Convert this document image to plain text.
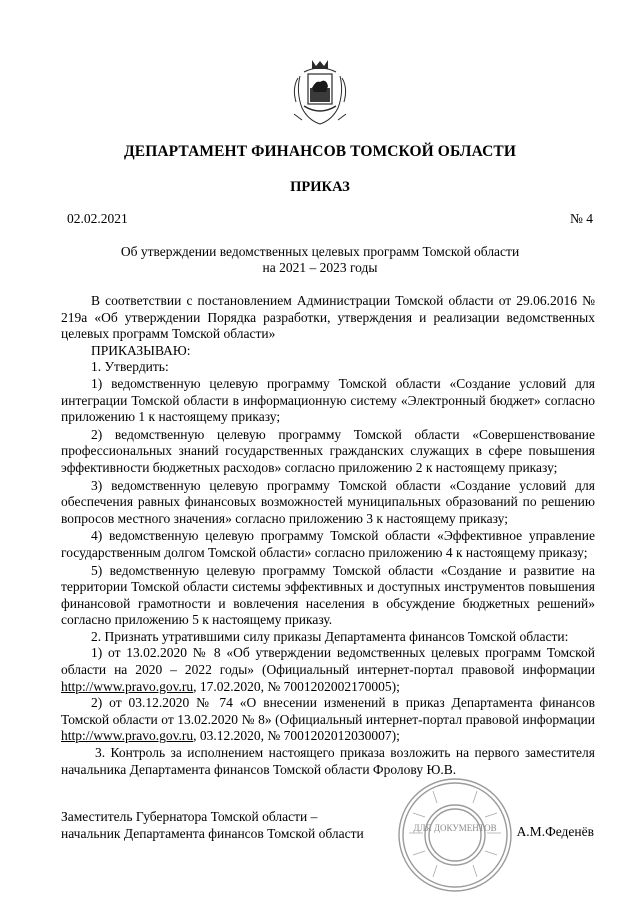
ДЕПАРТАМЕНТ ФИНАНСОВ ТОМСКОЙ ОБЛАСТИ
ПРИКАЗ
02.02.2021	№ 4
Об утверждении ведомственных целевых программ Томской области
на 2021 – 2023 годы

В соответствии с постановлением Администрации Томской области от 29.06.2016 № 219а «Об утверждении Порядка разработки, утверждения и реализации ведомственных целевых программ Томской области»

ПРИКАЗЫВАЮ:

1. Утвердить:

1) ведомственную целевую программу Томской области «Создание условий для интеграции Томской области в информационную систему «Электронный бюджет» согласно приложению 1 к настоящему приказу;

2) ведомственную целевую программу Томской области «Совершенствование профессиональных знаний государственных гражданских служащих в сфере повышения эффективности бюджетных расходов» согласно приложению 2 к настоящему приказу;

3) ведомственную целевую программу Томской области «Создание условий для обеспечения равных финансовых возможностей муниципальных образований по решению вопросов местного значения» согласно приложению 3 к настоящему приказу;

4) ведомственную целевую программу Томской области «Эффективное управление государственным долгом Томской области» согласно приложению 4 к настоящему приказу;

5) ведомственную целевую программу Томской области «Создание и развитие на территории Томской области системы эффективных и доступных инструментов повышения финансовой грамотности и вовлечения населения в обсуждение бюджетных решений» согласно приложению 5 к настоящему приказу.

2. Признать утратившими силу приказы Департамента финансов Томской области:

1) от 13.02.2020 № 8 «Об утверждении ведомственных целевых программ Томской области на 2020 – 2022 годы» (Официальный интернет-портал правовой информации http://www.pravo.gov.ru, 17.02.2020, № 7001202002170005);

2) от 03.12.2020 № 74 «О внесении изменений в приказ Департамента финансов Томской области от 13.02.2020 № 8» (Официальный интернет-портал правовой информации http://www.pravo.gov.ru, 03.12.2020, № 7001202012030007);

3. Контроль за исполнением настоящего приказа возложить на первого заместителя начальника Департамента финансов Томской области Фролову Ю.В.

Заместитель Губернатора Томской области –
начальник Департамента финансов Томской области	ДЛЯ ДОКУМЕНТОВ А.М.Феденёв
